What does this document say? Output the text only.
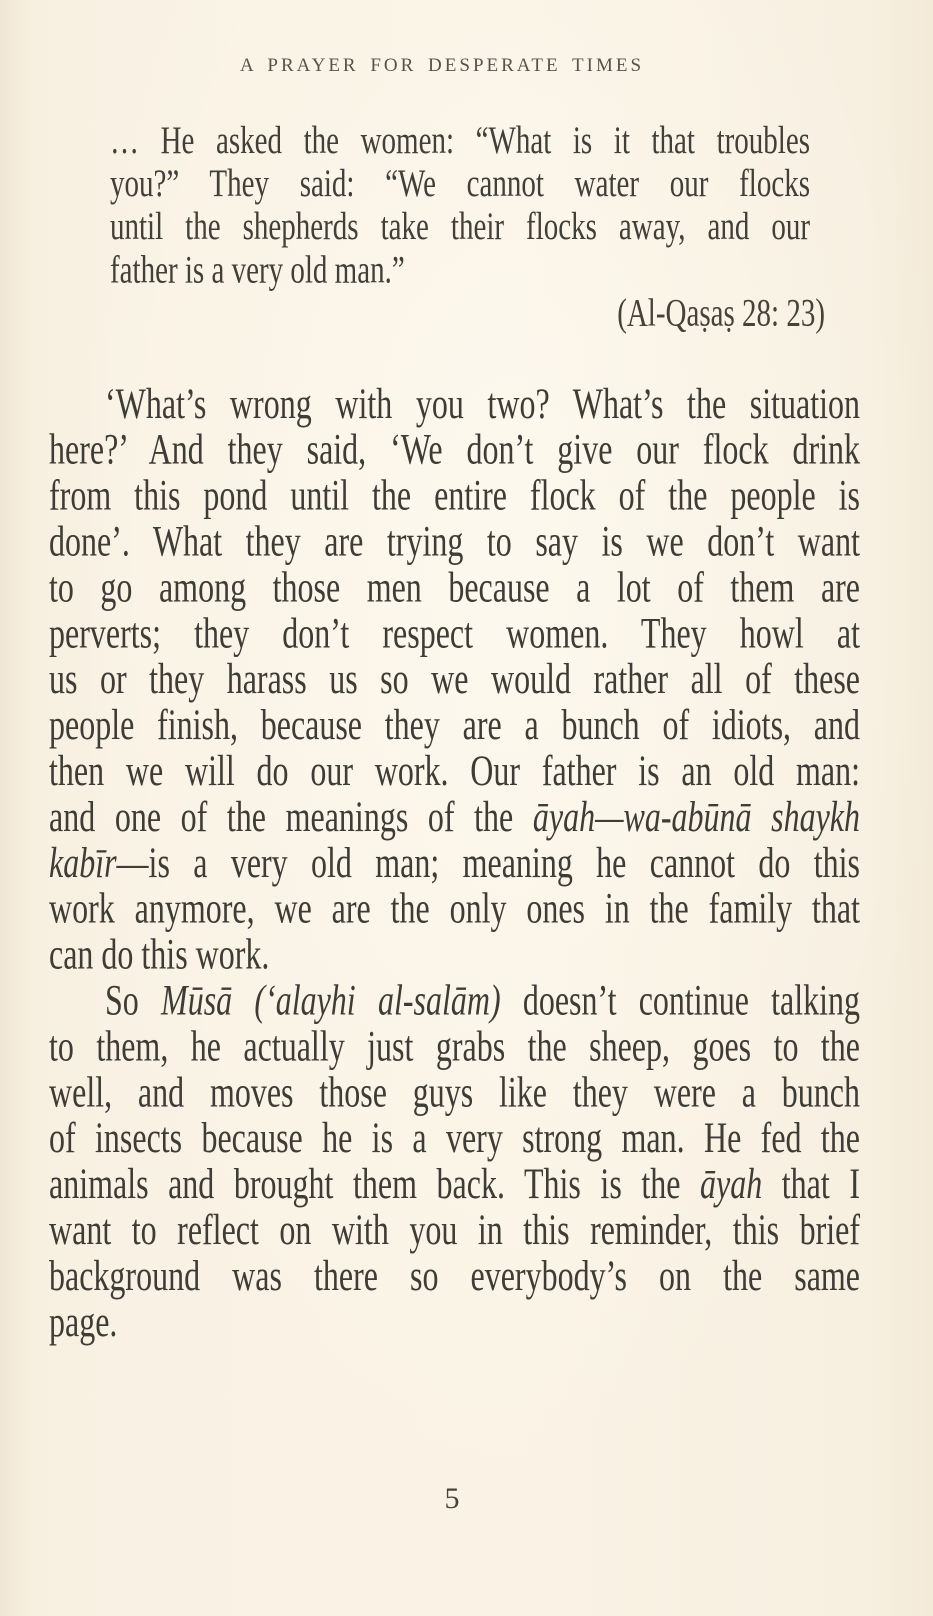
A PRAYER FOR DESPERATE TIMES
… He asked the women: “What is it that troubles
you?” They said: “We cannot water our flocks
until the shepherds take their flocks away, and our
father is a very old man.”
(Al-Qaṣaṣ 28: 23)
‘What’s wrong with you two? What’s the situation
here?’ And they said, ‘We don’t give our flock drink
from this pond until the entire flock of the people is
done’. What they are trying to say is we don’t want
to go among those men because a lot of them are
perverts; they don’t respect women. They howl at
us or they harass us so we would rather all of these
people finish, because they are a bunch of idiots, and
then we will do our work. Our father is an old man:
and one of the meanings of the āyah—wa-abūnā shaykh
kabīr—is a very old man; meaning he cannot do this
work anymore, we are the only ones in the family that
can do this work.
So Mūsā (‘alayhi al-salām) doesn’t continue talking
to them, he actually just grabs the sheep, goes to the
well, and moves those guys like they were a bunch
of insects because he is a very strong man. He fed the
animals and brought them back. This is the āyah that I
want to reflect on with you in this reminder, this brief
background was there so everybody’s on the same
page.
5
